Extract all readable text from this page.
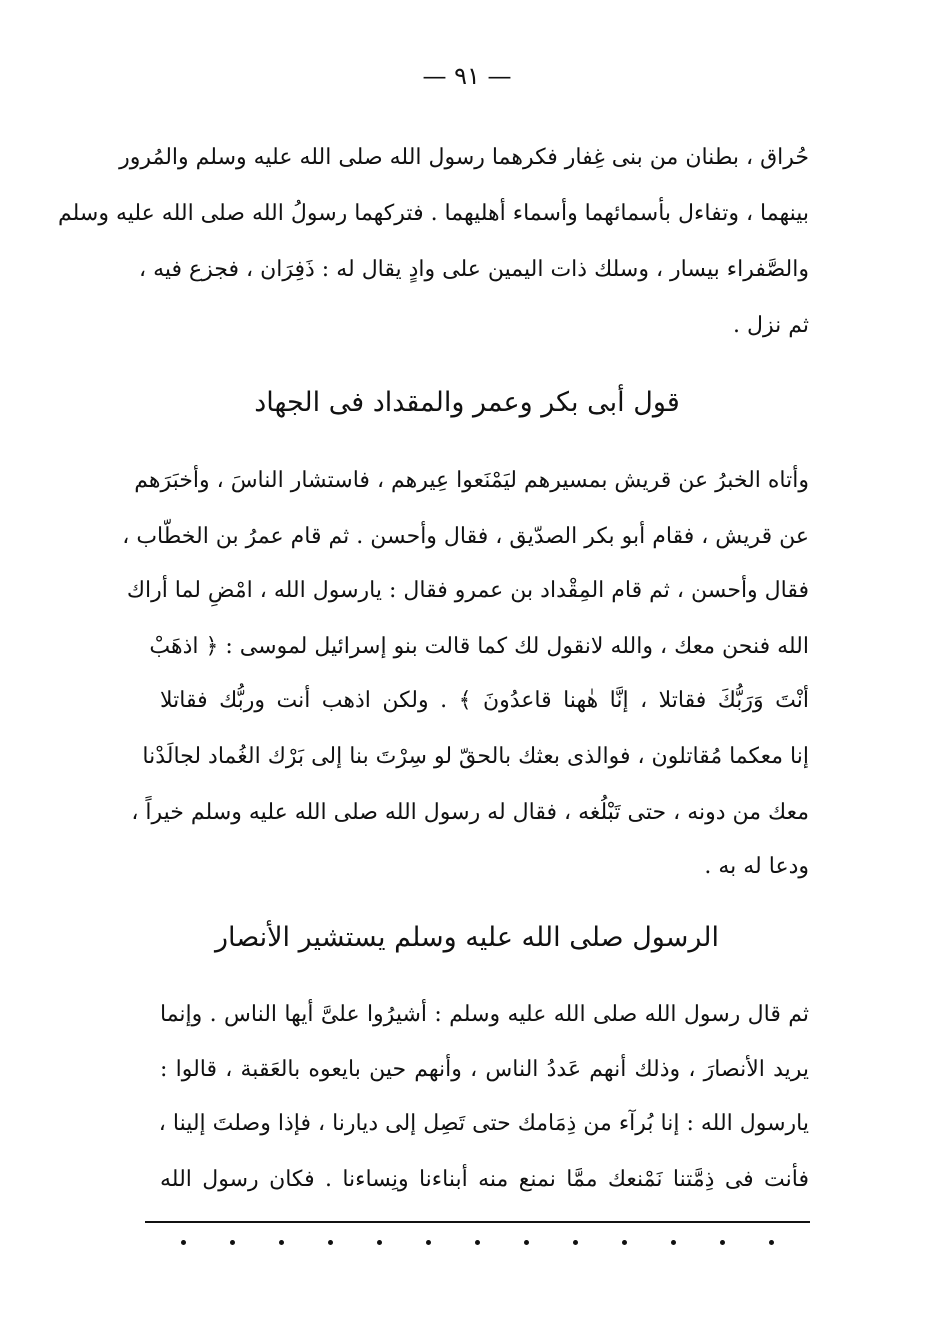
— ٩١ —
حُراق ، بطنان من بنى غِفار فكرهما رسول الله صلى الله عليه وسلم والمُرور
بينهما ، وتفاءل بأسمائهما وأسماء أهليهما . فتركهما رسولُ الله صلى الله عليه وسلم
والصَّفراء بيسار ، وسلك ذات اليمين على وادٍ يقال له : ذَفِرَان ، فجزع فيه ،
ثم نزل .
قول أبى بكر وعمر والمقداد فى الجهاد
وأتاه الخبرُ عن قريش بمسيرهم ليَمْنَعوا عِيرهم ، فاستشار الناسَ ، وأخبَرَهم
عن قريش ، فقام أبو بكر الصدّيق ، فقال وأحسن . ثم قام عمرُ بن الخطّاب ،
فقال وأحسن ، ثم قام المِقْداد بن عمرو فقال : يارسول الله ، امْضِ لما أراك
الله فنحن معك ، والله لانقول لك كما قالت بنو إسرائيل لموسى : ﴿ اذهَبْ
أنْتَ وَرَبُّكَ فقاتلا ، إنَّا هٰهنا قاعدُونَ ﴾ . ولكن اذهب أنت وربُّك فقاتلا
إنا معكما مُقاتلون ، فوالذى بعثك بالحقّ لو سِرْتَ بنا إلى بَرْك الغُماد لجالَدْنا
معك من دونه ، حتى تَبْلُغه ، فقال له رسول الله صلى الله عليه وسلم خيراً ،
ودعا له به .
الرسول صلى الله عليه وسلم يستشير الأنصار
ثم قال رسول الله صلى الله عليه وسلم : أشيرُوا علىَّ أيها الناس . وإنما
يريد الأنصارَ ، وذلك أنهم عَددُ الناس ، وأنهم حين بايعوه بالعَقبة ، قالوا :
يارسول الله : إنا بُرآء من ذِمَامك حتى تَصِل إلى ديارنا ، فإذا وصلتَ إلينا ،
فأنت فى ذِمَّتنا نَمْنعك ممَّا نمنع منه أبناءنا ونِساءنا . فكان رسول الله
